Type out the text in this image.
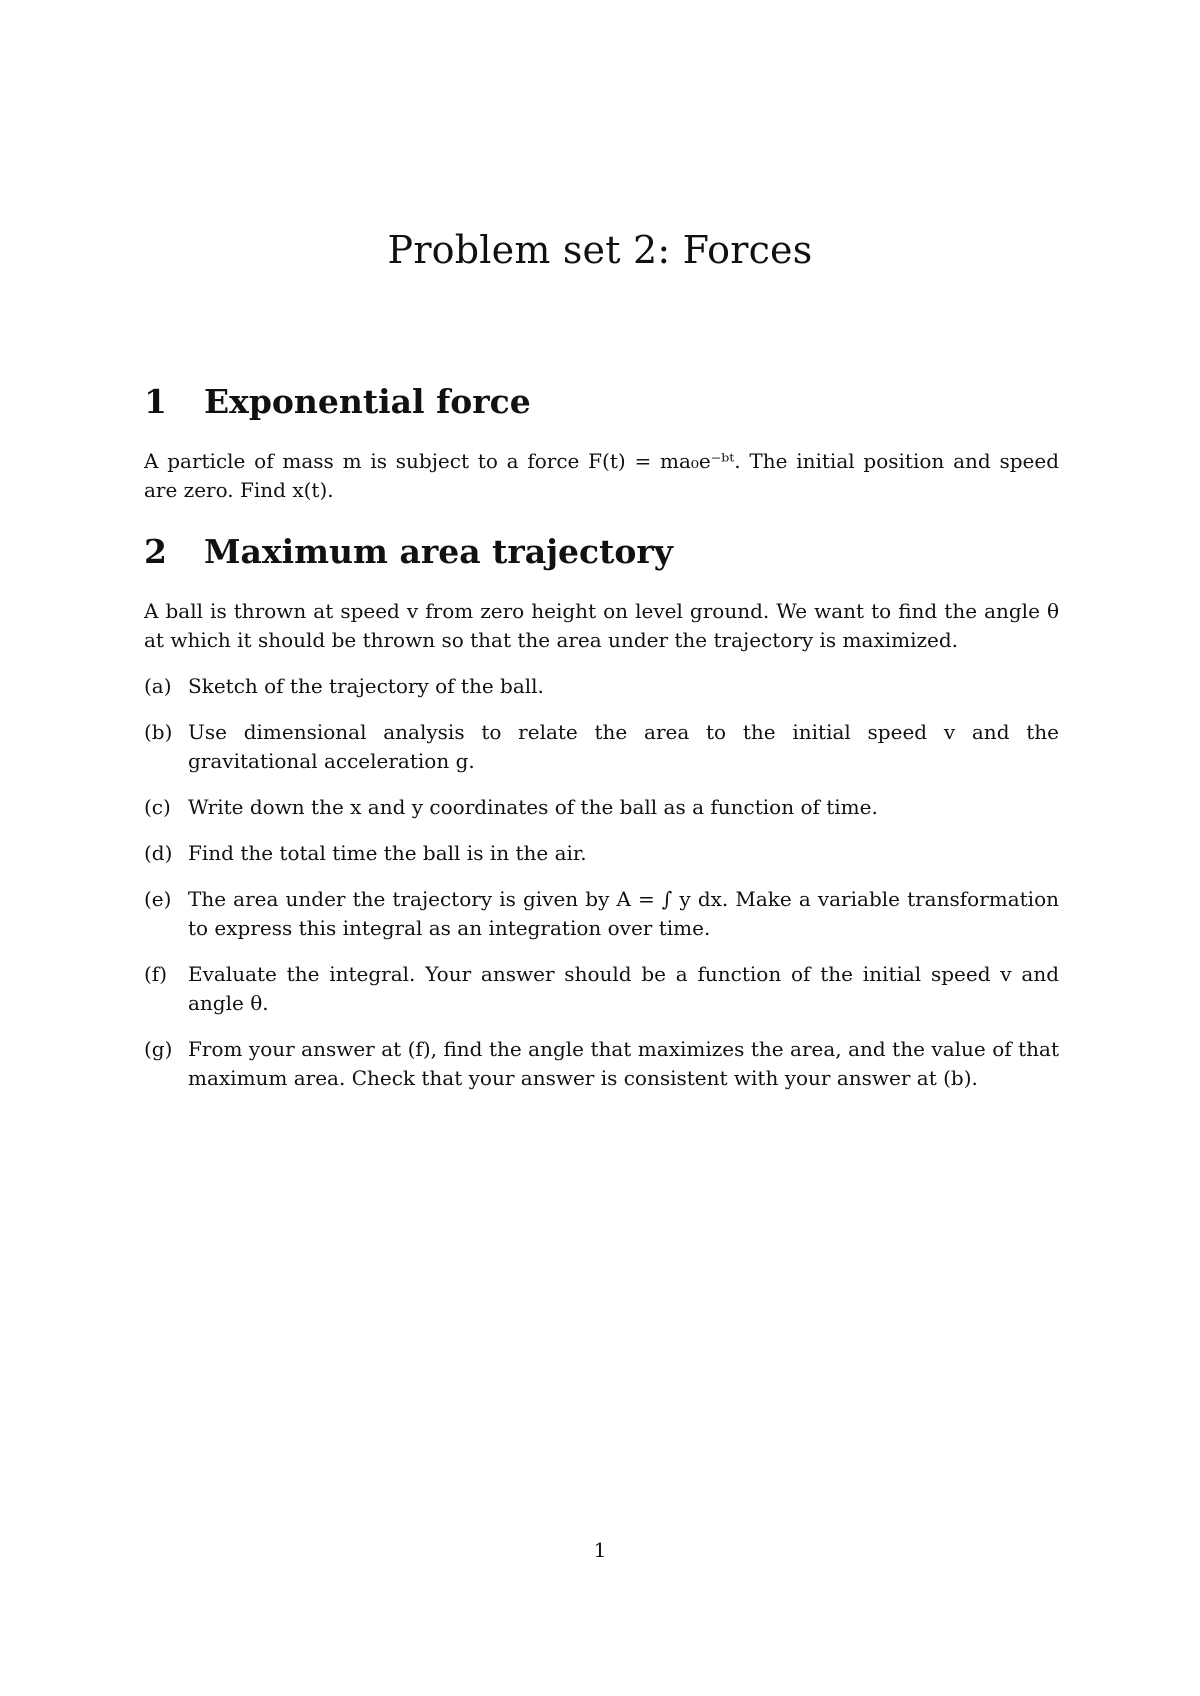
Problem set 2: Forces
1	Exponential force

A particle of mass m is subject to a force F(t) = ma₀e⁻ᵇᵗ. The initial position and speed

are zero. Find x(t).

2	Maximum area trajectory

A ball is thrown at speed v from zero height on level ground. We want to find the angle θ

at which it should be thrown so that the area under the trajectory is maximized.

(a) Sketch of the trajectory of the ball.
(b) Use dimensional analysis to relate the area to the initial speed v and the gravitational acceleration g.
(c) Write down the x and y coordinates of the ball as a function of time.
(d) Find the total time the ball is in the air.
(e) The area under the trajectory is given by A = ∫ y dx. Make a variable transformation to express this integral as an integration over time.
(f) Evaluate the integral. Your answer should be a function of the initial speed v and angle θ.
(g) From your answer at (f), find the angle that maximizes the area, and the value of that maximum area. Check that your answer is consistent with your answer at (b).
1
